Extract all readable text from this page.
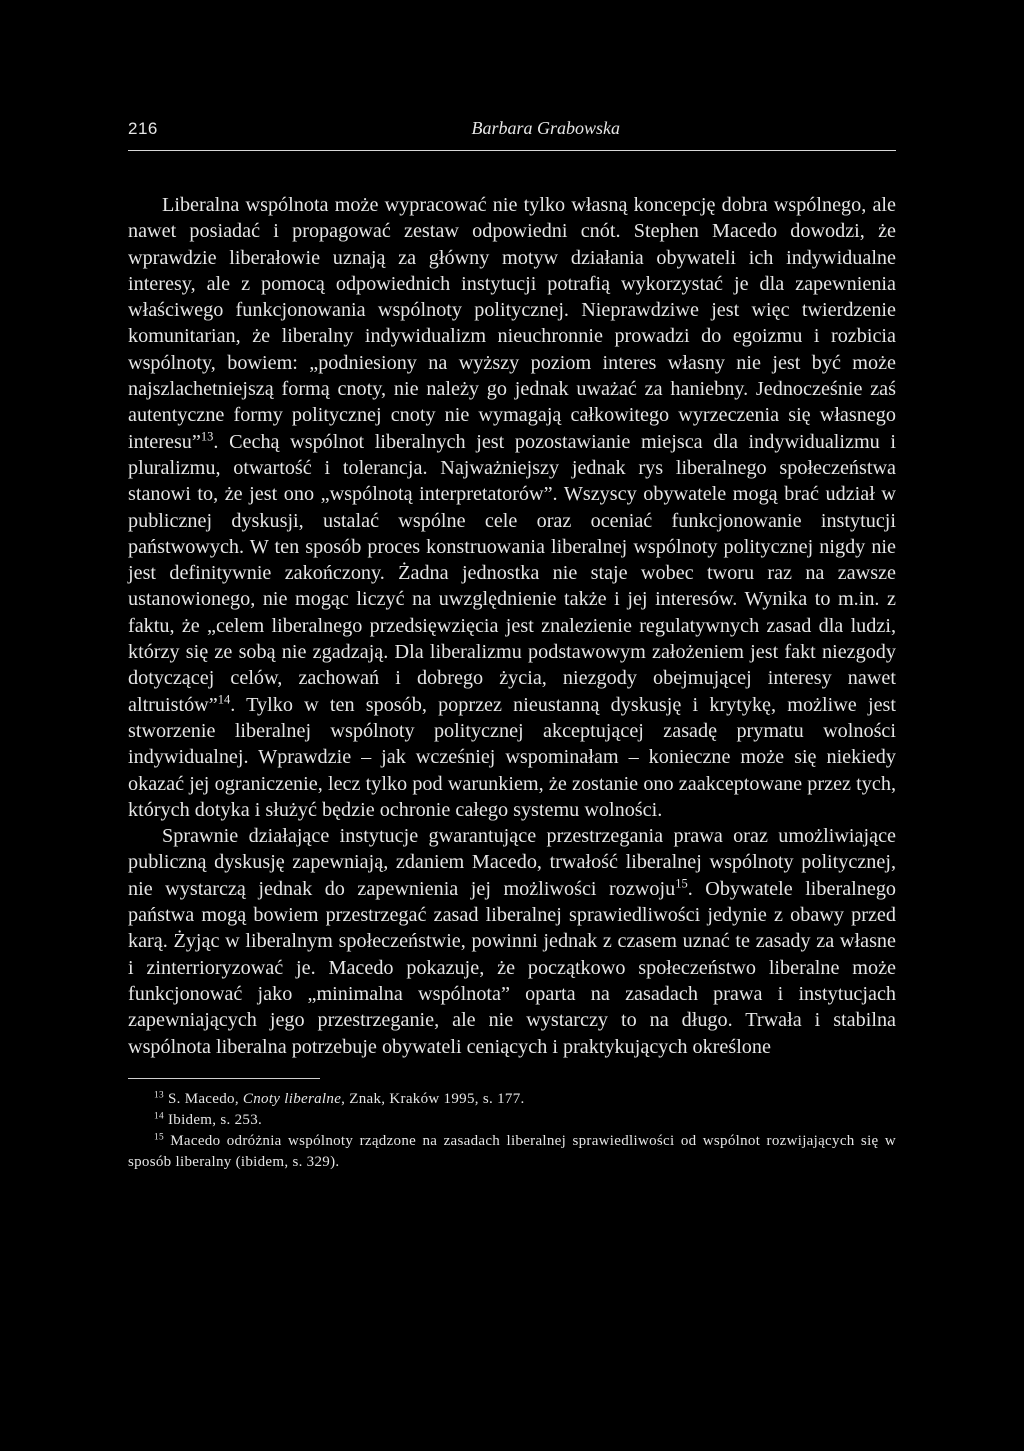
216	Barbara Grabowska

Liberalna wspólnota może wypracować nie tylko własną koncepcję dobra wspólnego, ale nawet posiadać i propagować zestaw odpowiedni cnót. Stephen Macedo dowodzi, że wprawdzie liberałowie uznają za główny motyw działania obywateli ich indywidualne interesy, ale z pomocą odpowiednich instytucji potrafią wykorzystać je dla zapewnienia właściwego funkcjonowania wspólnoty politycznej. Nieprawdziwe jest więc twierdzenie komunitarian, że liberalny indywidualizm nieuchronnie prowadzi do egoizmu i rozbicia wspólnoty, bowiem: „podniesiony na wyższy poziom interes własny nie jest być może najszlachetniejszą formą cnoty, nie należy go jednak uważać za haniebny. Jednocześnie zaś autentyczne formy politycznej cnoty nie wymagają całkowitego wyrzeczenia się własnego interesu”$^{13}$. Cechą wspólnot liberalnych jest pozostawianie miejsca dla indywidualizmu i pluralizmu, otwartość i tolerancja. Najważniejszy jednak rys liberalnego społeczeństwa stanowi to, że jest ono „wspólnotą interpretatorów”. Wszyscy obywatele mogą brać udział w publicznej dyskusji, ustalać wspólne cele oraz oceniać funkcjonowanie instytucji państwowych. W ten sposób proces konstruowania liberalnej wspólnoty politycznej nigdy nie jest definitywnie zakończony. Żadna jednostka nie staje wobec tworu raz na zawsze ustanowionego, nie mogąc liczyć na uwzględnienie także i jej interesów. Wynika to m.in. z faktu, że „celem liberalnego przedsięwzięcia jest znalezienie regulatywnych zasad dla ludzi, którzy się ze sobą nie zgadzają. Dla liberalizmu podstawowym założeniem jest fakt niezgody dotyczącej celów, zachowań i dobrego życia, niezgody obejmującej interesy nawet altruistów”$^{14}$. Tylko w ten sposób, poprzez nieustanną dyskusję i krytykę, możliwe jest stworzenie liberalnej wspólnoty politycznej akceptującej zasadę prymatu wolności indywidualnej. Wprawdzie – jak wcześniej wspominałam – konieczne może się niekiedy okazać jej ograniczenie, lecz tylko pod warunkiem, że zostanie ono zaakceptowane przez tych, których dotyka i służyć będzie ochronie całego systemu wolności.

Sprawnie działające instytucje gwarantujące przestrzegania prawa oraz umożliwiające publiczną dyskusję zapewniają, zdaniem Macedo, trwałość liberalnej wspólnoty politycznej, nie wystarczą jednak do zapewnienia jej możliwości rozwoju$^{15}$. Obywatele liberalnego państwa mogą bowiem przestrzegać zasad liberalnej sprawiedliwości jedynie z obawy przed karą. Żyjąc w liberalnym społeczeństwie, powinni jednak z czasem uznać te zasady za własne i zinterrioryzować je. Macedo pokazuje, że początkowo społeczeństwo liberalne może funkcjonować jako „minimalna wspólnota” oparta na zasadach prawa i instytucjach zapewniających jego przestrzeganie, ale nie wystarczy to na długo. Trwała i stabilna wspólnota liberalna potrzebuje obywateli ceniących i praktykujących określone

$^{13}$ S. Macedo, Cnoty liberalne, Znak, Kraków 1995, s. 177.

$^{14}$ Ibidem, s. 253.

$^{15}$ Macedo odróżnia wspólnoty rządzone na zasadach liberalnej sprawiedliwości od wspólnot rozwijających się w sposób liberalny (ibidem, s. 329).
